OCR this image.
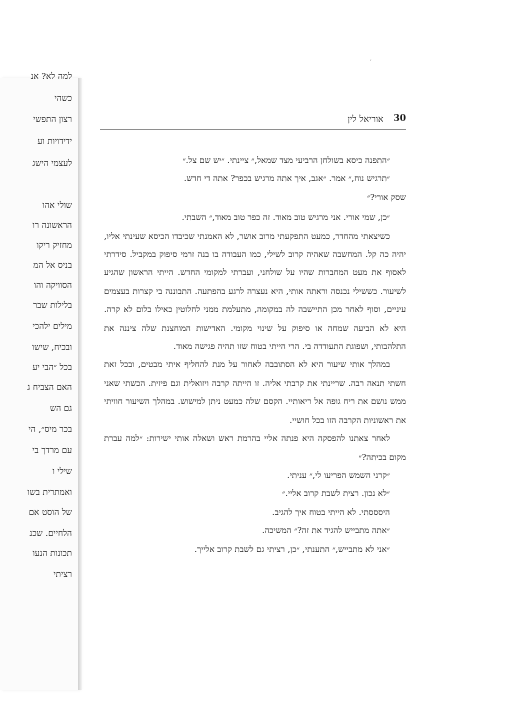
למה לא? אנ
כשהי
רצון התפשי
ידידויות וע
לעצמי הישג
שולי אהו
הראשונה רו
מחזיק ריקו
בניס אל המ
הסוויקה והו
בלילות שבר
מילים ילהכי
ובכיח, שישו
בכל ״הבי יע
האם הצביח ג
גם הש
בכר מיס״, הי
עם מרדך בי
שילי ו
ואמתרית בשו
של הוסט אם
הלחיים. שכנ
תכונות הנעו
רציתי
׳
30
אוריאל לין

״התפנה כיסא בשולחן הרביעי מצד שמאל,״ ציינתי. ״יש שם צל.״

״תרגיש נוח,״ אמר. ״אגב, איך אתה מרגיש בכפר? אתה די חדש.

שסק אורי?״

״כן, שמי אורי. אני מרגיש טוב מאוד. זה כפר טוב מאוד,״ השבתי.

כשיצאתי מהחדר, כמעט התפקעתי מרוב אושר, לא האמנתי שכיבדו הכיסא שעינתי אליו, יהיה כה קל. המחשבה שאהיה קרוב לשילי, כמו העבודה בו בנה זרמי סיפוק במקביל. סידרתי לאסוף את מעט המחברות שהיו על שולחני, ועברתי למקומי החדש. הייתי הראשון שהגיע לשיעור. כששילי נכנסה וראתה אותי, היא נעצרה לרגע בהפתעה. התבוננה בי קצרות בעצמים עיניים, וסוף לאחר מכן התיישבה לה במקומה, מתעלמת ממני לחלוטין כאילו בלום לא קרה. היא לא הביעה שמחה או סיפוק על שינוי מקומי. האדישות המוחצנת שלה ציננה את התלהבותי, ושפוגת התעודדה בי. הרי הייתי בטוח שזו תהיה פגישה מאוד.

במהלך אותי שיעור היא לא הסתובבה לאחור על מנת להחליף איתי מבטים, ובכל זאת חשתי תנאה רבה. שריינתי את קרבתי אליה. זו הייתה קרבה ויזואלית וגם פיזית. הכשתי שאני ממש נושם את ריח גופה אל ריאותיי. הקסם שלה כמעט ניתן למישוש. במהלך השיעור חוויתי את ראשוניות הקרבה הזו בכל חושיי.

לאחר צאתנו להפסקה היא פנתה אליי בהרמת ראש ושאלה אותי ישירות: ״למה עברת מקום בכיתה?״

״קרני השמש הפריעו לי,״ עניתי.

״לא נכון. רצית לשבת קרוב אליי.״

היסססתי. לא הייתי בטוח איך להגיב.

״אתה מתבייש להגיד את זה?״ המשיכה.

״אני לא מתבייש,״ התענתי, ״כן, רציתי גם לשבת קרוב אלייך.
